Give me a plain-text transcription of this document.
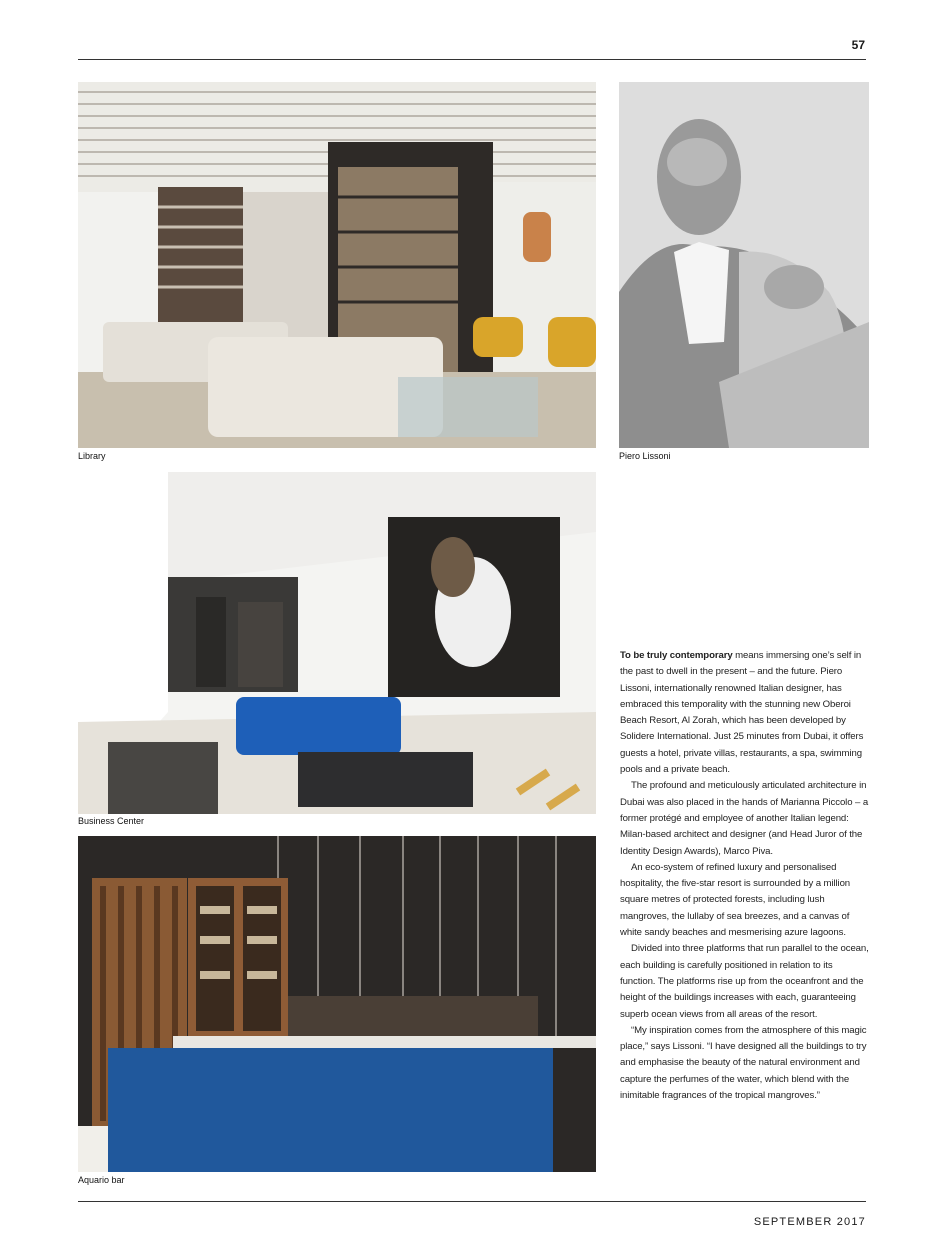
57
Library	Piero Lissoni
Business Center
Aquario bar

To be truly contemporary means immersing one’s self in the past to dwell in the present – and the future. Piero Lissoni, internationally renowned Italian designer, has embraced this temporality with the stunning new Oberoi Beach Resort, Al Zorah, which has been developed by Solidere International. Just 25 minutes from Dubai, it offers guests a hotel, private villas, restaurants, a spa, swimming pools and a private beach.

The profound and meticulously articulated architecture in Dubai was also placed in the hands of Marianna Piccolo – a former protégé and employee of another Italian legend: Milan-based architect and designer (and Head Juror of the Identity Design Awards), Marco Piva.

An eco-system of refined luxury and personalised hospitality, the five-star resort is surrounded by a million square metres of protected forests, including lush mangroves, the lullaby of sea breezes, and a canvas of white sandy beaches and mesmerising azure lagoons.

Divided into three platforms that run parallel to the ocean, each building is carefully positioned in relation to its function. The platforms rise up from the oceanfront and the height of the buildings increases with each, guaranteeing superb ocean views from all areas of the resort.

“My inspiration comes from the atmosphere of this magic place,” says Lissoni. “I have designed all the buildings to try and emphasise the beauty of the natural environment and capture the perfumes of the water, which blend with the inimitable fragrances of the tropical mangroves.”

SEPTEMBER 2017
